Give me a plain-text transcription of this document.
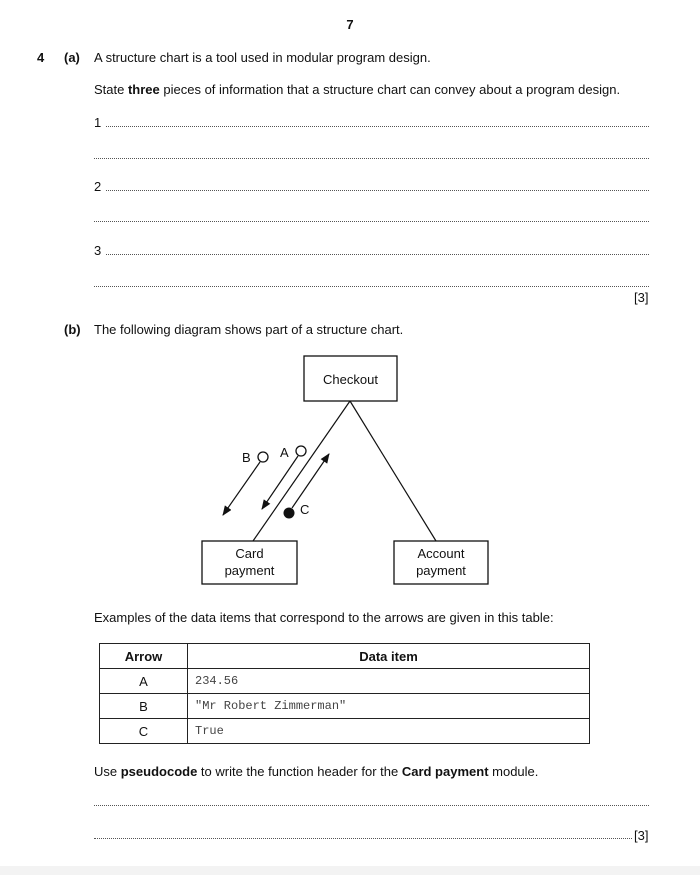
7
4 (a) A structure chart is a tool used in modular program design.
State three pieces of information that a structure chart can convey about a program design.
1
2
3
[3]
(b) The following diagram shows part of a structure chart.
Checkout
Card
payment
Account
payment
B A
C
Examples of the data items that correspond to the arrows are given in this table:
Arrow	Data item
A	234.56
B	"Mr Robert Zimmerman"
C	True
Use pseudocode to write the function header for the Card payment module.
[3]
